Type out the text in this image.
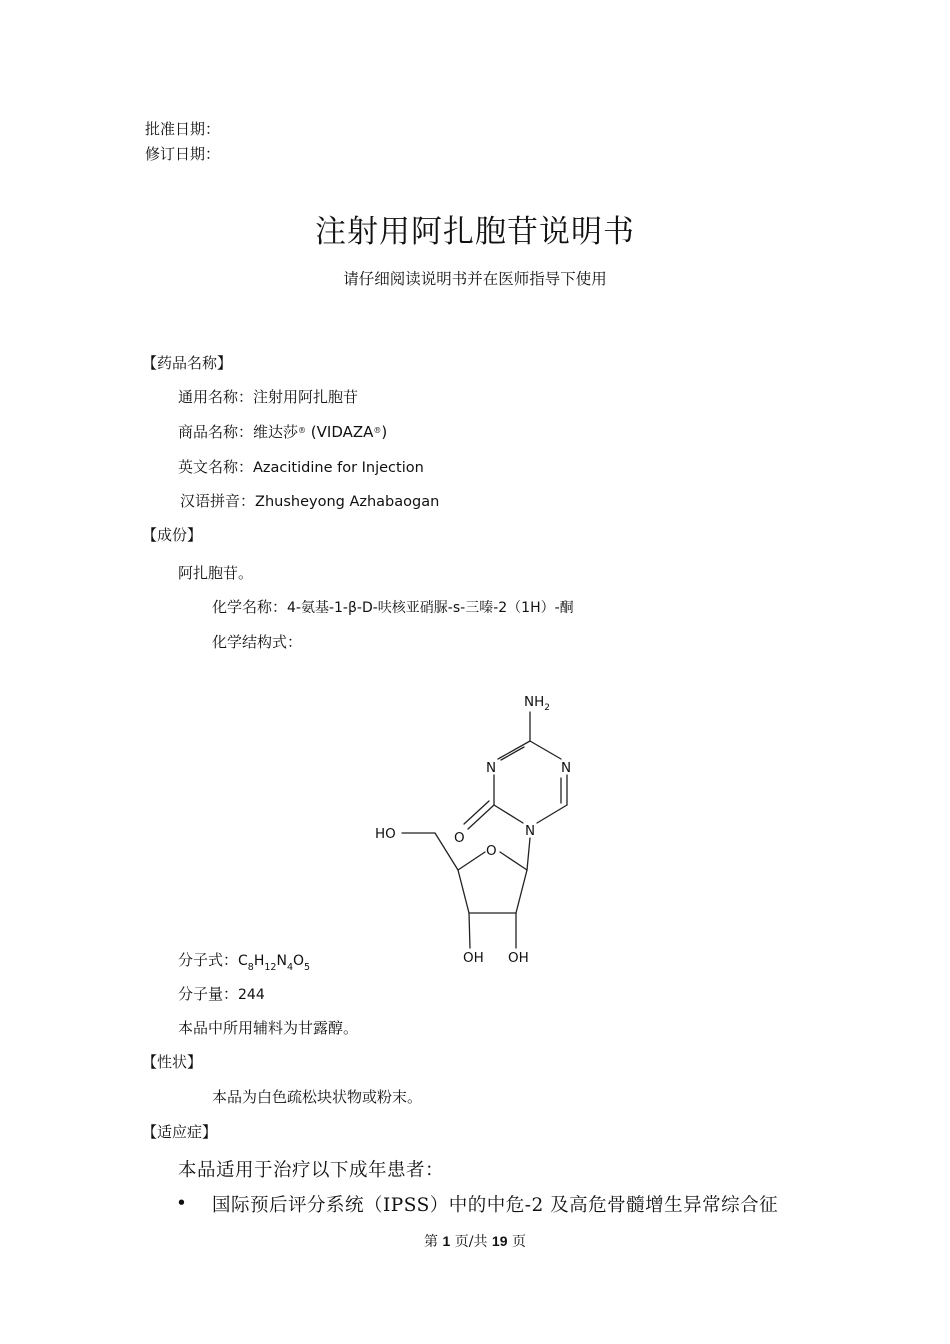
批准日期：
修订日期：
注射用阿扎胞苷说明书
请仔细阅读说明书并在医师指导下使用
【药品名称】
通用名称：注射用阿扎胞苷
商品名称：维达莎® (VIDAZA®)
英文名称：Azacitidine for Injection
汉语拼音：Zhusheyong Azhabaogan
【成份】
阿扎胞苷。
化学名称：4-氨基-1-β-D-呋核亚硝脲-s-三嗪-2（1H）-酮
化学结构式：
$NH_2$
N	N
N
O
O
HO
OH OH
分子式：$C_8H_{12}N_4O_5$
分子量：244
本品中所用辅料为甘露醇。
【性状】
本品为白色疏松块状物或粉末。
【适应症】
本品适用于治疗以下成年患者：
• 国际预后评分系统（IPSS）中的中危-2 及高危骨髓增生异常综合征
第 1 页/共 19 页
